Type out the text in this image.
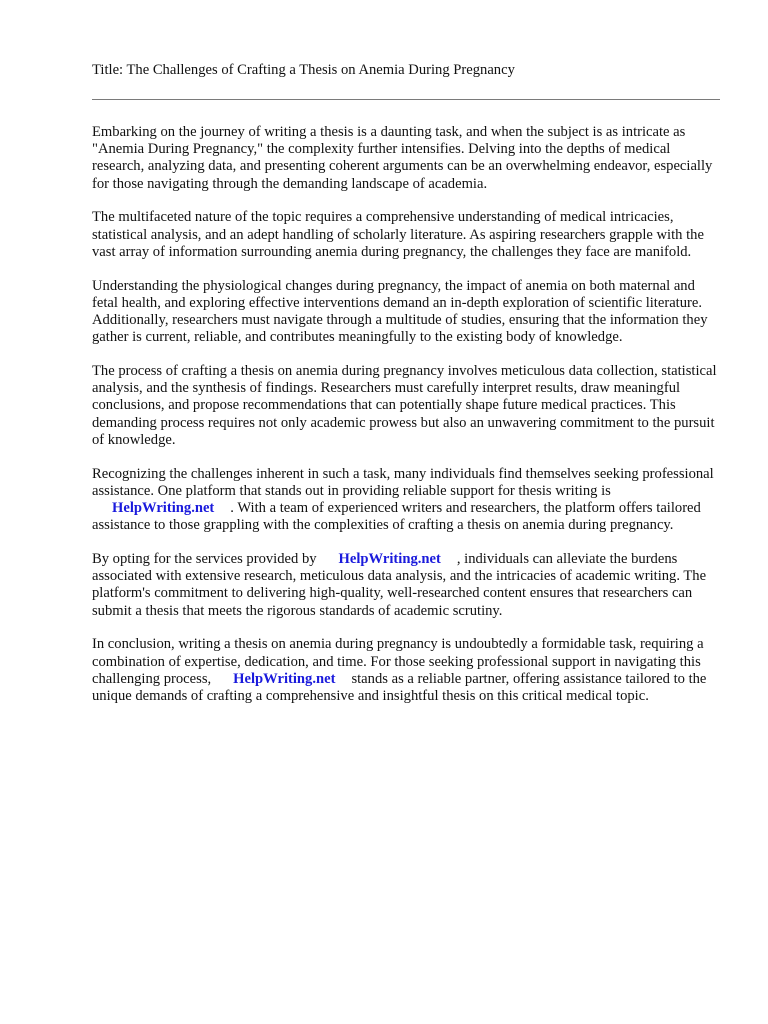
Title: The Challenges of Crafting a Thesis on Anemia During Pregnancy

Embarking on the journey of writing a thesis is a daunting task, and when the subject is as intricate as "Anemia During Pregnancy," the complexity further intensifies. Delving into the depths of medical research, analyzing data, and presenting coherent arguments can be an overwhelming endeavor, especially for those navigating through the demanding landscape of academia.

The multifaceted nature of the topic requires a comprehensive understanding of medical intricacies, statistical analysis, and an adept handling of scholarly literature. As aspiring researchers grapple with the vast array of information surrounding anemia during pregnancy, the challenges they face are manifold.

Understanding the physiological changes during pregnancy, the impact of anemia on both maternal and fetal health, and exploring effective interventions demand an in-depth exploration of scientific literature. Additionally, researchers must navigate through a multitude of studies, ensuring that the information they gather is current, reliable, and contributes meaningfully to the existing body of knowledge.

The process of crafting a thesis on anemia during pregnancy involves meticulous data collection, statistical analysis, and the synthesis of findings. Researchers must carefully interpret results, draw meaningful conclusions, and propose recommendations that can potentially shape future medical practices. This demanding process requires not only academic prowess but also an unwavering commitment to the pursuit of knowledge.

Recognizing the challenges inherent in such a task, many individuals find themselves seeking professional assistance. One platform that stands out in providing reliable support for thesis writing is
HelpWriting.net . With a team of experienced writers and researchers, the platform offers tailored assistance to those grappling with the complexities of crafting a thesis on anemia during pregnancy.

By opting for the services provided by HelpWriting.net , individuals can alleviate the burdens associated with extensive research, meticulous data analysis, and the intricacies of academic writing. The platform's commitment to delivering high-quality, well-researched content ensures that researchers can submit a thesis that meets the rigorous standards of academic scrutiny.

In conclusion, writing a thesis on anemia during pregnancy is undoubtedly a formidable task, requiring a combination of expertise, dedication, and time. For those seeking professional support in navigating this challenging process, HelpWriting.net stands as a reliable partner, offering assistance tailored to the unique demands of crafting a comprehensive and insightful thesis on this critical medical topic.
